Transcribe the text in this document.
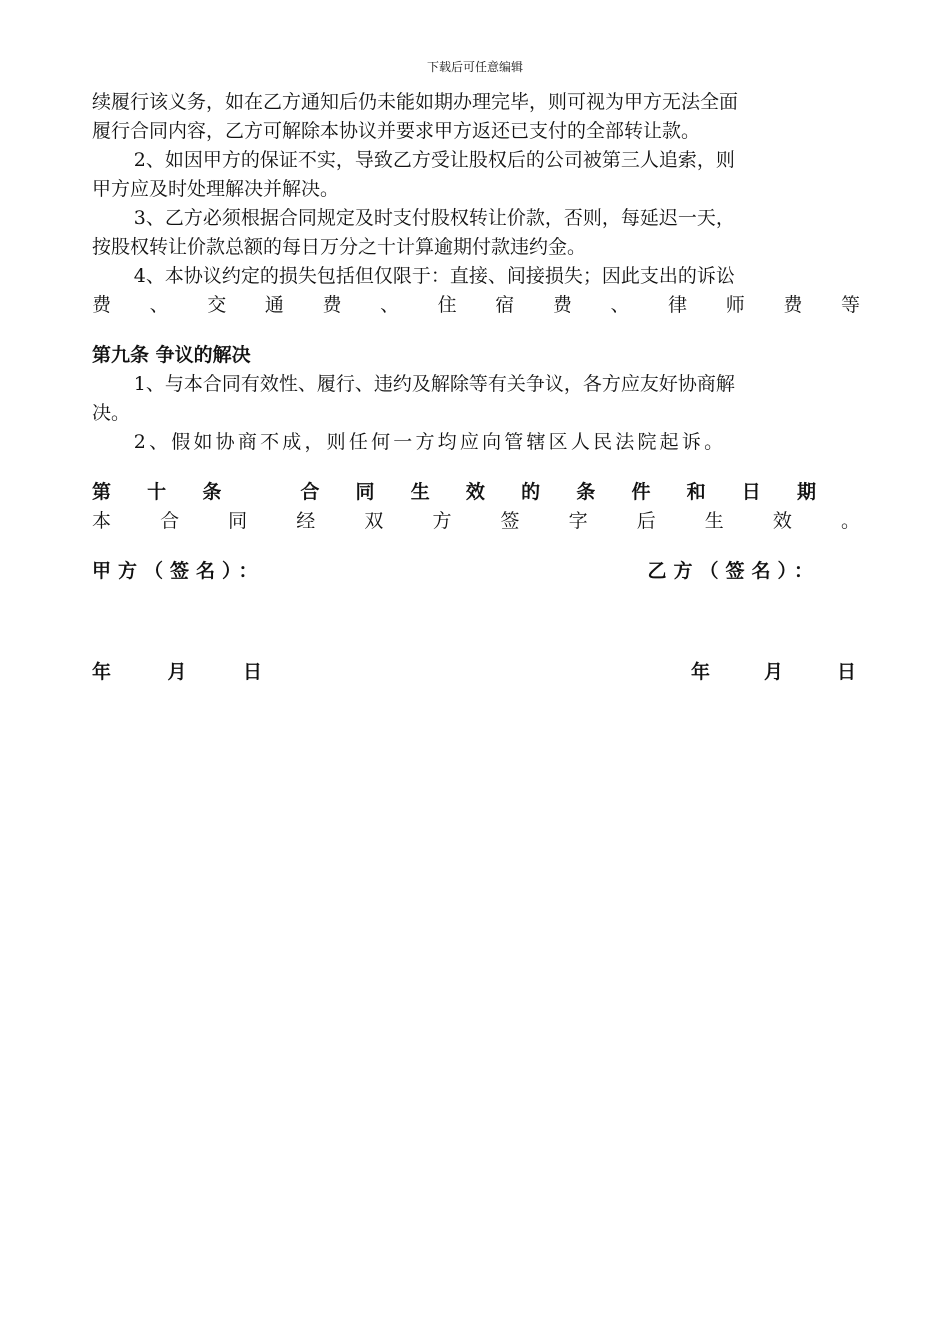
下载后可任意编辑

续履行该义务，如在乙方通知后仍未能如期办理完毕，则可视为甲方无法全面

履行合同内容，乙方可解除本协议并要求甲方返还已支付的全部转让款。

2、如因甲方的保证不实，导致乙方受让股权后的公司被第三人追索，则

甲方应及时处理解决并解决。

3、乙方必须根据合同规定及时支付股权转让价款，否则，每延迟一天，

按股权转让价款总额的每日万分之十计算逾期付款违约金。

4、本协议约定的损失包括但仅限于：直接、间接损失；因此支出的诉讼

费、交通费、住宿费、律师费等

第九条 争议的解决

1、与本合同有效性、履行、违约及解除等有关争议，各方应友好协商解

决。

2、假如协商不成，则任何一方均应向管辖区人民法院起诉。

第十条 合同生效的条件和日期

本合同经双方签字后生效。

甲方（签名）：	乙方（签名）：
年	月	日	年	月	日
